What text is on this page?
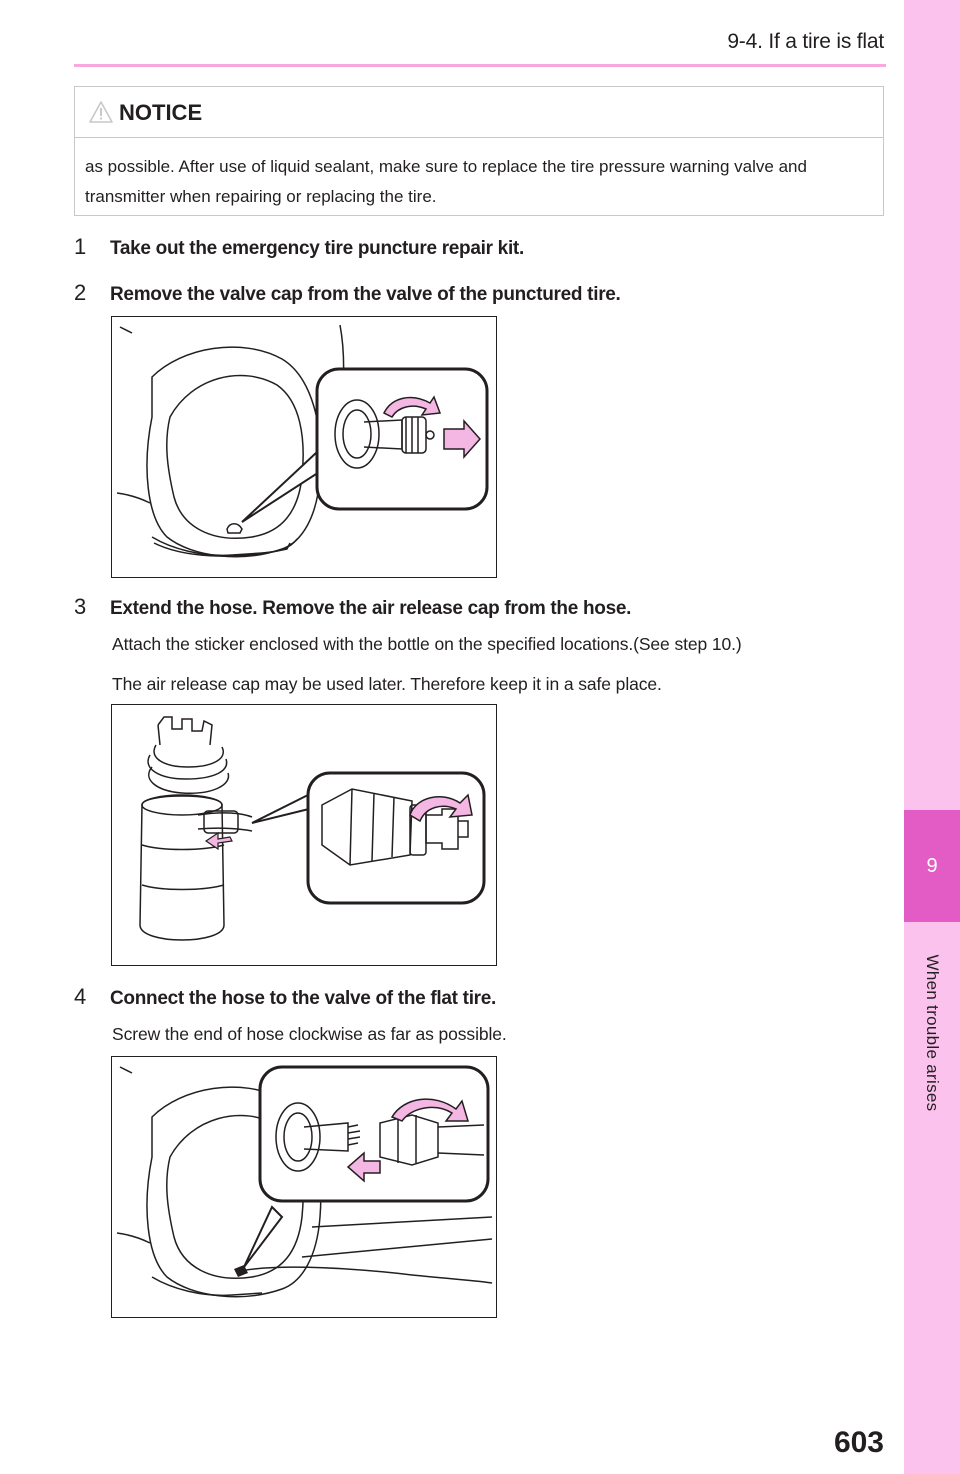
9-4. If a tire is flat
9
When trouble arises
NOTICE
as possible. After use of liquid sealant, make sure to replace the tire pressure warning valve and transmitter when repairing or replacing the tire.
1 Take out the emergency tire puncture repair kit.
2 Remove the valve cap from the valve of the punctured tire.
3 Extend the hose. Remove the air release cap from the hose.
Attach the sticker enclosed with the bottle on the specified locations.(See step 10.)
The air release cap may be used later. Therefore keep it in a safe place.
4 Connect the hose to the valve of the flat tire.
Screw the end of hose clockwise as far as possible.
603
